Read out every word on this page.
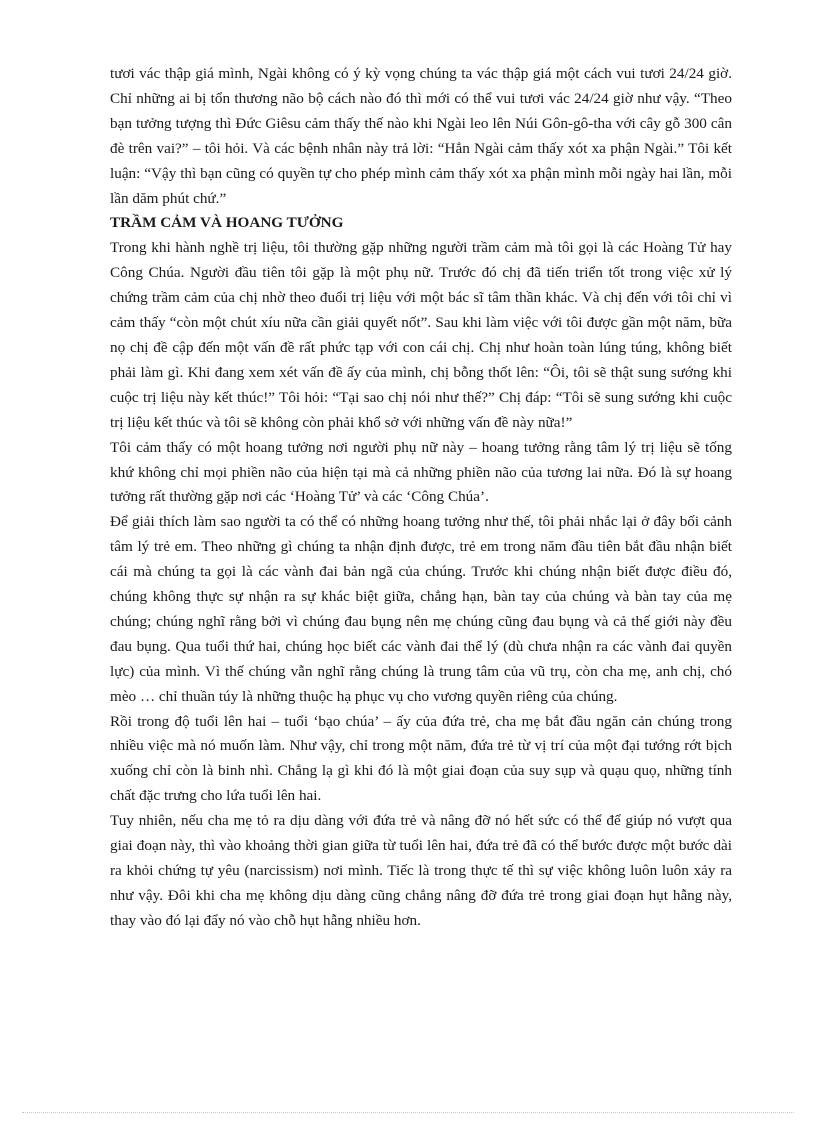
tươi vác thập giá mình, Ngài không có ý kỳ vọng chúng ta vác thập giá một cách vui tươi 24/24 giờ. Chỉ những ai bị tổn thương não bộ cách nào đó thì mới có thể vui tươi vác 24/24 giờ như vậy. “Theo bạn tưởng tượng thì Đức Giêsu cảm thấy thế nào khi Ngài leo lên Núi Gôn-gô-tha với cây gỗ 300 cân đè trên vai?” – tôi hỏi. Và các bệnh nhân này trả lời: “Hẳn Ngài cảm thấy xót xa phận Ngài.” Tôi kết luận: “Vậy thì bạn cũng có quyền tự cho phép mình cảm thấy xót xa phận mình mỗi ngày hai lần, mỗi lần dăm phút chứ.”

TRẦM CẢM VÀ HOANG TƯỞNG

Trong khi hành nghề trị liệu, tôi thường gặp những người trầm cảm mà tôi gọi là các Hoàng Tử hay Công Chúa. Người đầu tiên tôi gặp là một phụ nữ. Trước đó chị đã tiến triển tốt trong việc xử lý chứng trầm cảm của chị nhờ theo đuổi trị liệu với một bác sĩ tâm thần khác. Và chị đến với tôi chỉ vì cảm thấy “còn một chút xíu nữa cần giải quyết nốt”. Sau khi làm việc với tôi được gần một năm, bữa nọ chị đề cập đến một vấn đề rất phức tạp với con cái chị. Chị như hoàn toàn lúng túng, không biết phải làm gì. Khi đang xem xét vấn đề ấy của mình, chị bỗng thốt lên: “Ôi, tôi sẽ thật sung sướng khi cuộc trị liệu này kết thúc!” Tôi hỏi: “Tại sao chị nói như thế?” Chị đáp: “Tôi sẽ sung sướng khi cuộc trị liệu kết thúc và tôi sẽ không còn phải khổ sở với những vấn đề này nữa!”

Tôi cảm thấy có một hoang tưởng nơi người phụ nữ này – hoang tưởng rằng tâm lý trị liệu sẽ tống khứ không chỉ mọi phiền não của hiện tại mà cả những phiền não của tương lai nữa. Đó là sự hoang tưởng rất thường gặp nơi các ‘Hoàng Tử’ và các ‘Công Chúa’.

Để giải thích làm sao người ta có thể có những hoang tưởng như thế, tôi phải nhắc lại ở đây bối cảnh tâm lý trẻ em. Theo những gì chúng ta nhận định được, trẻ em trong năm đầu tiên bắt đầu nhận biết cái mà chúng ta gọi là các vành đai bản ngã của chúng. Trước khi chúng nhận biết được điều đó, chúng không thực sự nhận ra sự khác biệt giữa, chẳng hạn, bàn tay của chúng và bàn tay của mẹ chúng; chúng nghĩ rằng bởi vì chúng đau bụng nên mẹ chúng cũng đau bụng và cả thế giới này đều đau bụng. Qua tuổi thứ hai, chúng học biết các vành đai thể lý (dù chưa nhận ra các vành đai quyền lực) của mình. Vì thế chúng vẫn nghĩ rằng chúng là trung tâm của vũ trụ, còn cha mẹ, anh chị, chó mèo … chỉ thuần túy là những thuộc hạ phục vụ cho vương quyền riêng của chúng.

Rồi trong độ tuổi lên hai – tuổi ‘bạo chúa’ – ấy của đứa trẻ, cha mẹ bắt đầu ngăn cản chúng trong nhiều việc mà nó muốn làm. Như vậy, chỉ trong một năm, đứa trẻ từ vị trí của một đại tướng rớt bịch xuống chỉ còn là binh nhì. Chẳng lạ gì khi đó là một giai đoạn của suy sụp và quạu quọ, những tính chất đặc trưng cho lứa tuổi lên hai.

Tuy nhiên, nếu cha mẹ tỏ ra dịu dàng với đứa trẻ và nâng đỡ nó hết sức có thể để giúp nó vượt qua giai đoạn này, thì vào khoảng thời gian giữa từ tuổi lên hai, đứa trẻ đã có thể bước được một bước dài ra khỏi chứng tự yêu (narcissism) nơi mình. Tiếc là trong thực tế thì sự việc không luôn luôn xảy ra như vậy. Đôi khi cha mẹ không dịu dàng cũng chẳng nâng đỡ đứa trẻ trong giai đoạn hụt hẫng này, thay vào đó lại đẩy nó vào chỗ hụt hẫng nhiều hơn.
